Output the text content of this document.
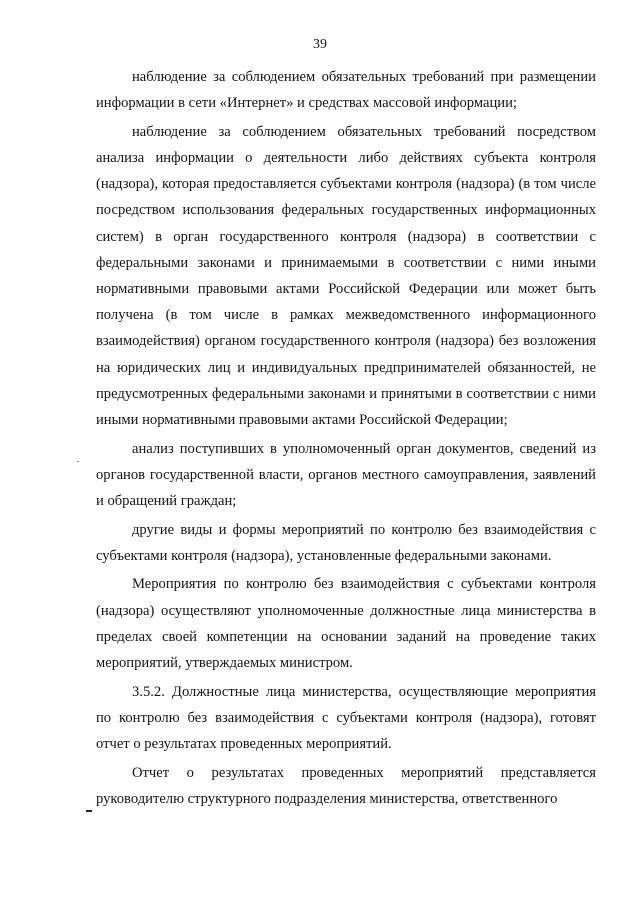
39

наблюдение за соблюдением обязательных требований при размещении информации в сети «Интернет» и средствах массовой информации;

наблюдение за соблюдением обязательных требований посредством анализа информации о деятельности либо действиях субъекта контроля (надзора), которая предоставляется субъектами контроля (надзора) (в том числе посредством использования федеральных государственных информационных систем) в орган государственного контроля (надзора) в соответствии с федеральными законами и принимаемыми в соответствии с ними иными нормативными правовыми актами Российской Федерации или может быть получена (в том числе в рамках межведомственного информационного взаимодействия) органом государственного контроля (надзора) без возложения на юридических лиц и индивидуальных предпринимателей обязанностей, не предусмотренных федеральными законами и принятыми в соответствии с ними иными нормативными правовыми актами Российской Федерации;

анализ поступивших в уполномоченный орган документов, сведений из органов государственной власти, органов местного самоуправления, заявлений и обращений граждан;

другие виды и формы мероприятий по контролю без взаимодействия с субъектами контроля (надзора), установленные федеральными законами.

Мероприятия по контролю без взаимодействия с субъектами контроля (надзора) осуществляют уполномоченные должностные лица министерства в пределах своей компетенции на основании заданий на проведение таких мероприятий, утверждаемых министром.

3.5.2. Должностные лица министерства, осуществляющие мероприятия по контролю без взаимодействия с субъектами контроля (надзора), готовят отчет о результатах проведенных мероприятий.

Отчет о результатах проведенных мероприятий представляется руководителю структурного подразделения министерства, ответственного
